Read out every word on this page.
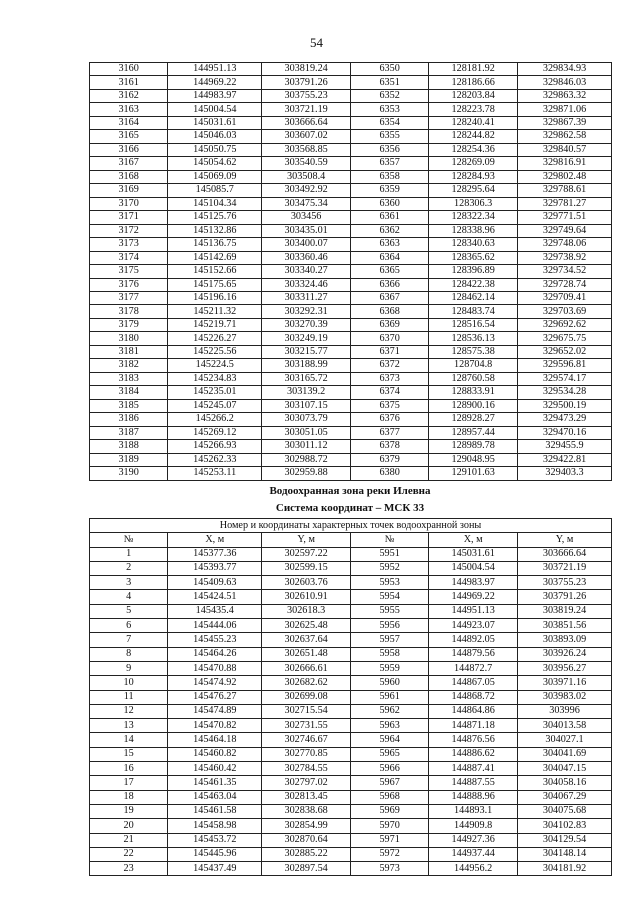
54
3160	144951.13	303819.24	6350	128181.92	329834.93
3161	144969.22	303791.26	6351	128186.66	329846.03
3162	144983.97	303755.23	6352	128203.84	329863.32
3163	145004.54	303721.19	6353	128223.78	329871.06
3164	145031.61	303666.64	6354	128240.41	329867.39
3165	145046.03	303607.02	6355	128244.82	329862.58
3166	145050.75	303568.85	6356	128254.36	329840.57
3167	145054.62	303540.59	6357	128269.09	329816.91
3168	145069.09	303508.4	6358	128284.93	329802.48
3169	145085.7	303492.92	6359	128295.64	329788.61
3170	145104.34	303475.34	6360	128306.3	329781.27
3171	145125.76	303456	6361	128322.34	329771.51
3172	145132.86	303435.01	6362	128338.96	329749.64
3173	145136.75	303400.07	6363	128340.63	329748.06
3174	145142.69	303360.46	6364	128365.62	329738.92
3175	145152.66	303340.27	6365	128396.89	329734.52
3176	145175.65	303324.46	6366	128422.38	329728.74
3177	145196.16	303311.27	6367	128462.14	329709.41
3178	145211.32	303292.31	6368	128483.74	329703.69
3179	145219.71	303270.39	6369	128516.54	329692.62
3180	145226.27	303249.19	6370	128536.13	329675.75
3181	145225.56	303215.77	6371	128575.38	329652.02
3182	145224.5	303188.99	6372	128704.8	329596.81
3183	145234.83	303165.72	6373	128760.58	329574.17
3184	145235.01	303139.2	6374	128833.91	329534.28
3185	145245.07	303107.15	6375	128900.16	329500.19
3186	145266.2	303073.79	6376	128928.27	329473.29
3187	145269.12	303051.05	6377	128957.44	329470.16
3188	145266.93	303011.12	6378	128989.78	329455.9
3189	145262.33	302988.72	6379	129048.95	329422.81
3190	145253.11	302959.88	6380	129101.63	329403.3
Водоохранная зона реки Илевна
Система координат – МСК 33
Номер и координаты характерных точек водоохранной зоны					
№	X, м	Y, м	№	X, м	Y, м
1	145377.36	302597.22	5951	145031.61	303666.64
2	145393.77	302599.15	5952	145004.54	303721.19
3	145409.63	302603.76	5953	144983.97	303755.23
4	145424.51	302610.91	5954	144969.22	303791.26
5	145435.4	302618.3	5955	144951.13	303819.24
6	145444.06	302625.48	5956	144923.07	303851.56
7	145455.23	302637.64	5957	144892.05	303893.09
8	145464.26	302651.48	5958	144879.56	303926.24
9	145470.88	302666.61	5959	144872.7	303956.27
10	145474.92	302682.62	5960	144867.05	303971.16
11	145476.27	302699.08	5961	144868.72	303983.02
12	145474.89	302715.54	5962	144864.86	303996
13	145470.82	302731.55	5963	144871.18	304013.58
14	145464.18	302746.67	5964	144876.56	304027.1
15	145460.82	302770.85	5965	144886.62	304041.69
16	145460.42	302784.55	5966	144887.41	304047.15
17	145461.35	302797.02	5967	144887.55	304058.16
18	145463.04	302813.45	5968	144888.96	304067.29
19	145461.58	302838.68	5969	144893.1	304075.68
20	145458.98	302854.99	5970	144909.8	304102.83
21	145453.72	302870.64	5971	144927.36	304129.54
22	145445.96	302885.22	5972	144937.44	304148.14
23	145437.49	302897.54	5973	144956.2	304181.92
